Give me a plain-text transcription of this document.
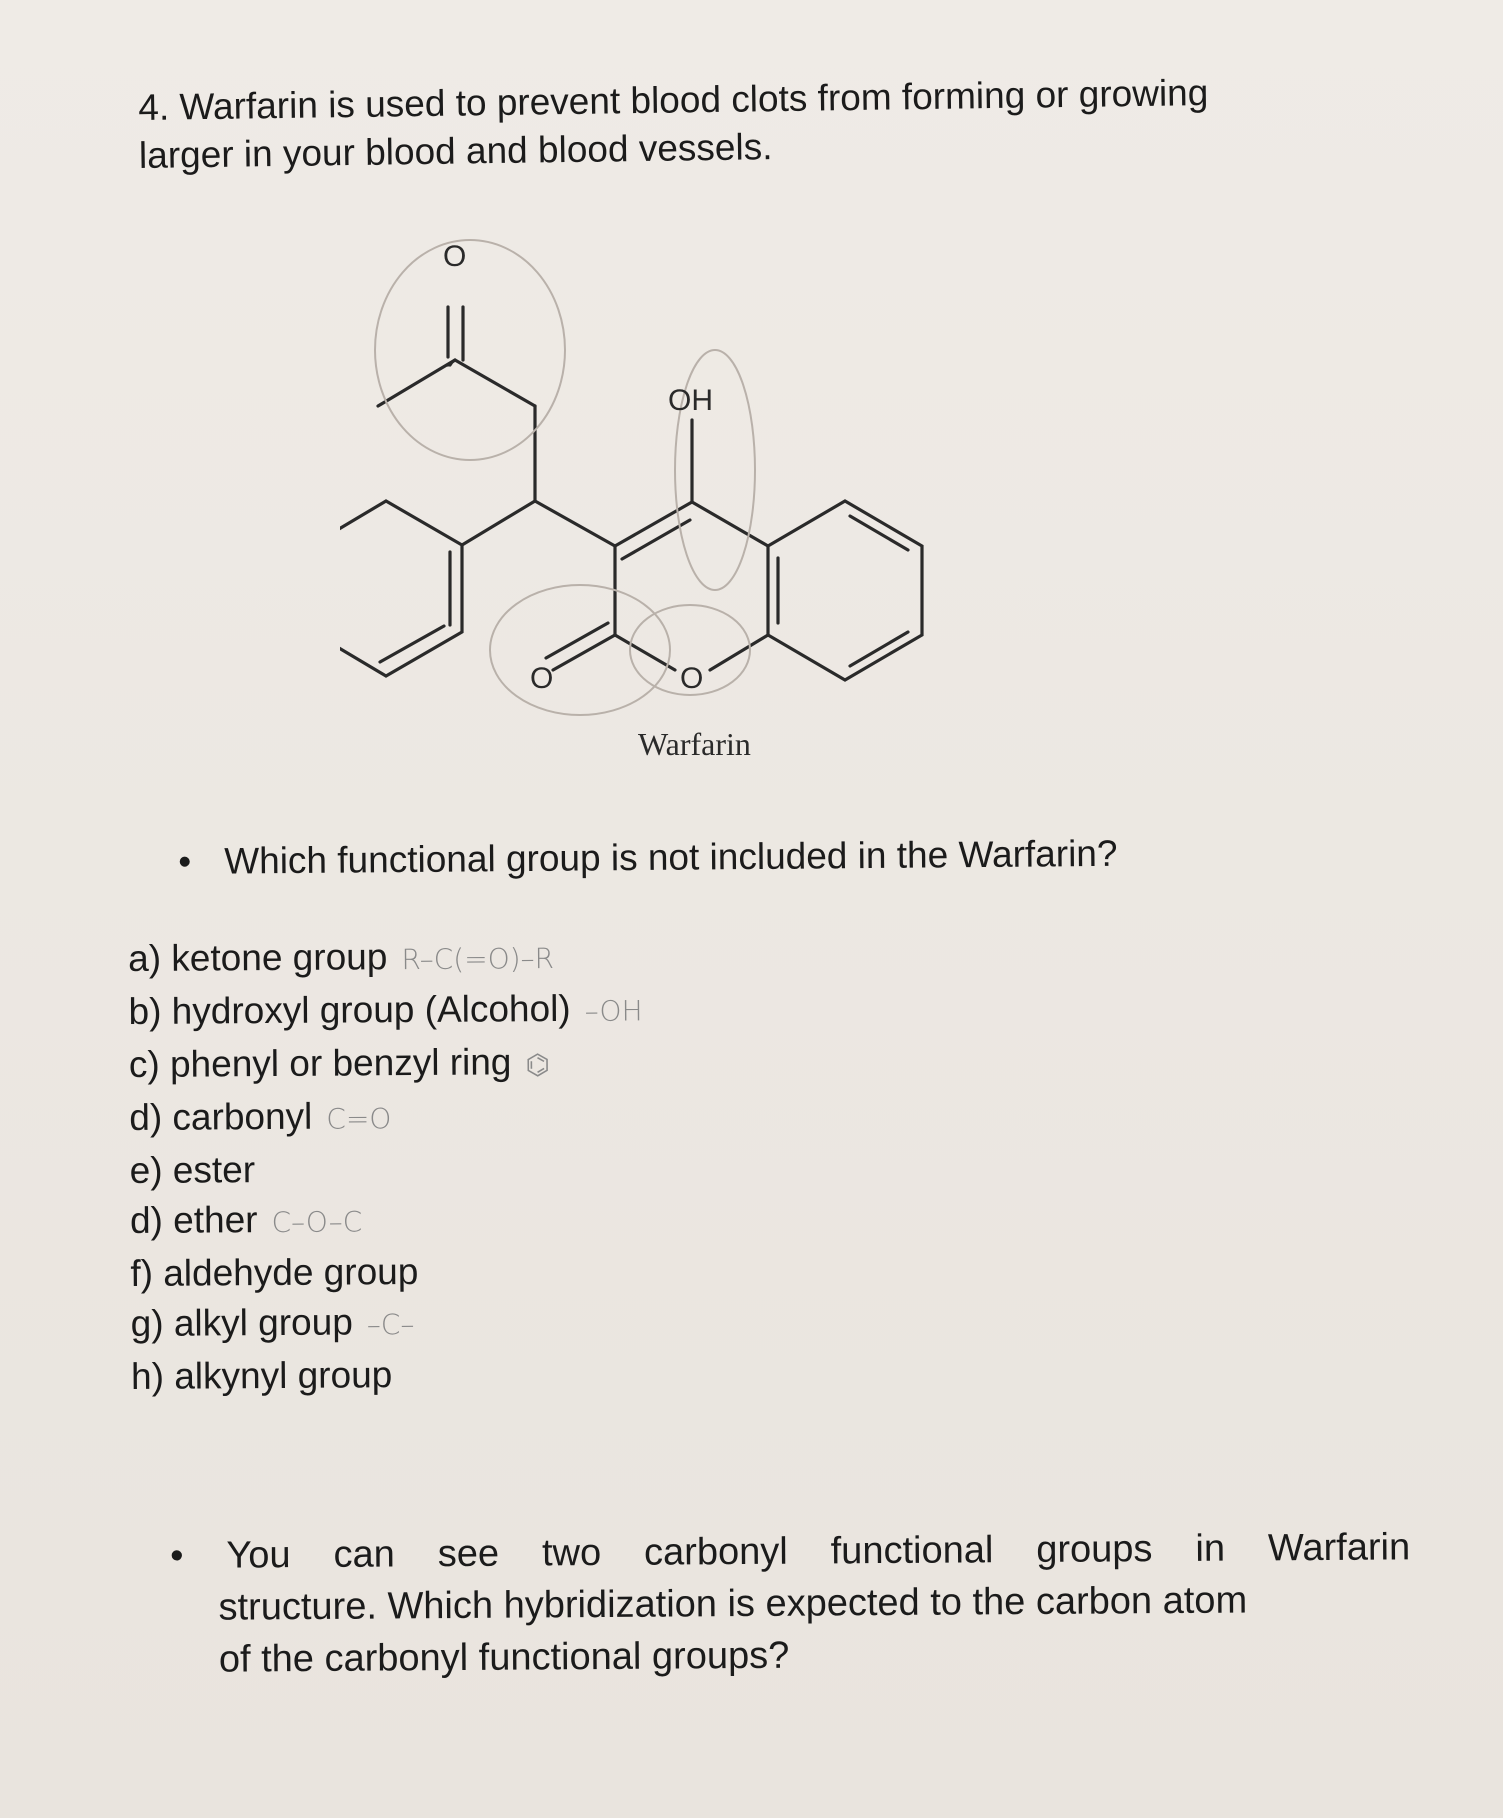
4. Warfarin is used to prevent blood clots from forming or growing
larger in your blood and blood vessels.
O
OH
O	O
Warfarin
• Which functional group is not included in the Warfarin?
a) ketone group R–C(=O)–R
b) hydroxyl group (Alcohol) –OH
c) phenyl or benzyl ring ⌬
d) carbonyl C=O
e) ester
d) ether C–O–C
f) aldehyde group
g) alkyl group –C–
h) alkynyl group
• You can see two carbonyl functional groups in Warfarin
structure. Which hybridization is expected to the carbon atom
of the carbonyl functional groups?
